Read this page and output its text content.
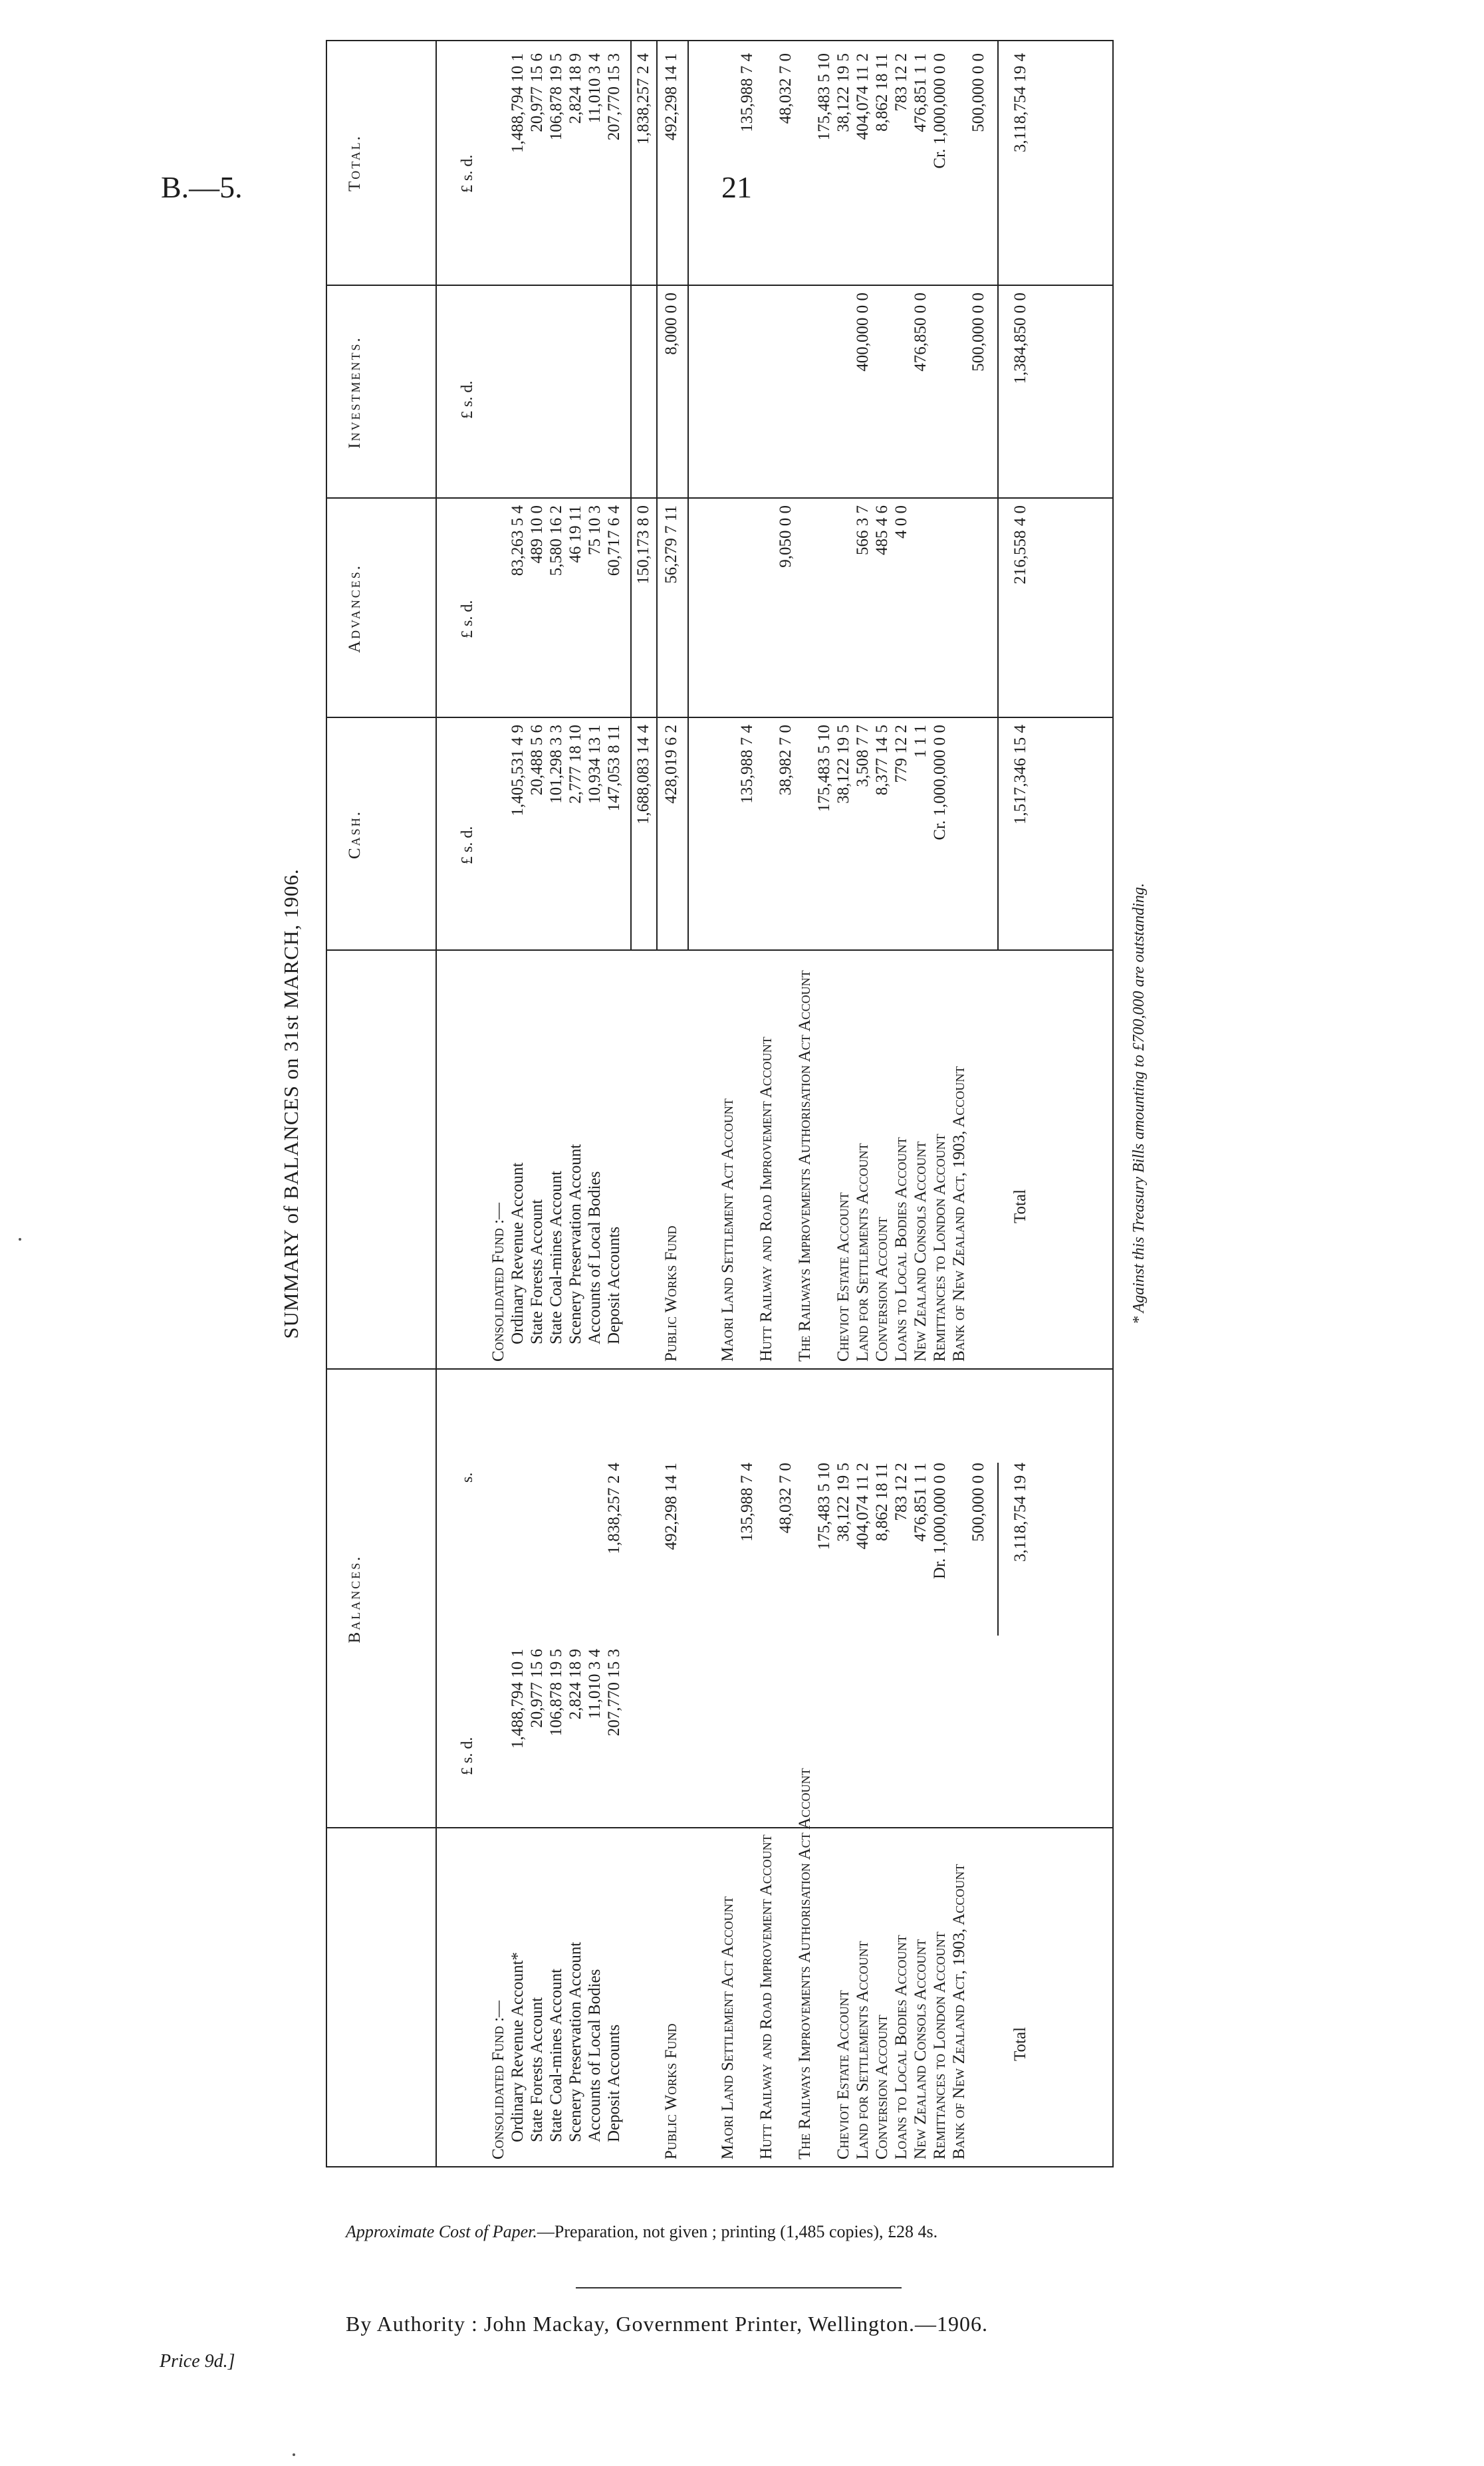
B.—5.	21
SUMMARY of BALANCES on 31st MARCH, 1906.
Balances.
Cash.
Advances.
Investments.
Total.
£ s. d.
s.
£ s. d.
£ s. d.
£ s. d.
£ s. d.
Consolidated Fund :— Ordinary Revenue Account*
1,488,794 10 1
State Forests Account
20,977 15 6
State Coal-mines Account
106,878 19 5
Scenery Preservation Account
2,824 18 9
Accounts of Local Bodies
11,010 3 4
Deposit Accounts
207,770 15 3
1,838,257 2 4
Public Works Fund
492,298 14 1
Maori Land Settlement Act Account
135,988 7 4
Hutt Railway and Road Improvement Account
48,032 7 0
The Railways Improvements Authorisation Act Account
175,483 5 10
Cheviot Estate Account
38,122 19 5
Land for Settlements Account
404,074 11 2
Conversion Account
8,862 18 11
Loans to Local Bodies Account
783 12 2
New Zealand Consols Account
476,851 1 1
Remittances to London Account
Dr. 1,000,000 0 0
Bank of New Zealand Act, 1903, Account
500,000 0 0
Total
3,118,754 19 4
Consolidated Fund :— Ordinary Revenue Account
1,405,531 4 9
83,263 5 4
1,488,794 10 1
State Forests Account
20,488 5 6
489 10 0
20,977 15 6
State Coal-mines Account
101,298 3 3
5,580 16 2
106,878 19 5
Scenery Preservation Account
2,777 18 10
46 19 11
2,824 18 9
Accounts of Local Bodies
10,934 13 1
75 10 3
11,010 3 4
Deposit Accounts
147,053 8 11
60,717 6 4
207,770 15 3
1,688,083 14 4
150,173 8 0
1,838,257 2 4
Public Works Fund
428,019 6 2
56,279 7 11
8,000 0 0
492,298 14 1
Maori Land Settlement Act Account
135,988 7 4
135,988 7 4
Hutt Railway and Road Improvement Account
38,982 7 0
9,050 0 0
48,032 7 0
The Railways Improvements Authorisation Act Account
175,483 5 10
175,483 5 10
Cheviot Estate Account
38,122 19 5
38,122 19 5
Land for Settlements Account
3,508 7 7
566 3 7
400,000 0 0
404,074 11 2
Conversion Account
8,377 14 5
485 4 6
8,862 18 11
Loans to Local Bodies Account
779 12 2
4 0 0
783 12 2
New Zealand Consols Account
1 1 1
476,850 0 0
476,851 1 1
Remittances to London Account
Cr. 1,000,000 0 0
Cr. 1,000,000 0 0
Bank of New Zealand Act, 1903, Account
500,000 0 0
500,000 0 0
Total
1,517,346 15 4
216,558 4 0
1,384,850 0 0
3,118,754 19 4
* Against this Treasury Bills amounting to £700,000 are outstanding.
Approximate Cost of Paper.—Preparation, not given ; printing (1,485 copies), £28 4s.
By Authority : John Mackay, Government Printer, Wellington.—1906.
Price 9d.]
